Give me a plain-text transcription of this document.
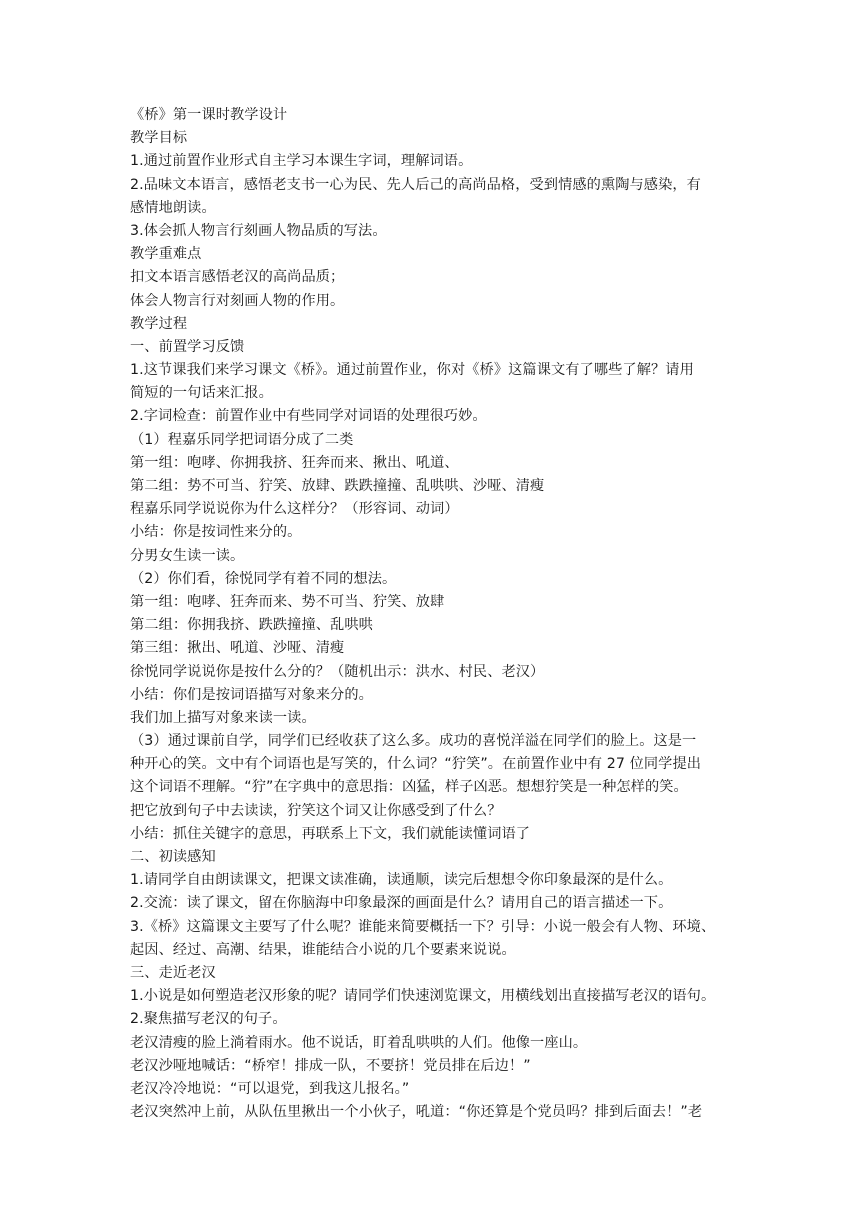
《桥》第一课时教学设计
教学目标
1.通过前置作业形式自主学习本课生字词，理解词语。
2.品味文本语言，感悟老支书一心为民、先人后己的高尚品格，受到情感的熏陶与感染，有
感情地朗读。
3.体会抓人物言行刻画人物品质的写法。
教学重难点
扣文本语言感悟老汉的高尚品质；
体会人物言行对刻画人物的作用。
教学过程
一、前置学习反馈
1.这节课我们来学习课文《桥》。通过前置作业，你对《桥》这篇课文有了哪些了解？请用
简短的一句话来汇报。
2.字词检查：前置作业中有些同学对词语的处理很巧妙。
（1）程嘉乐同学把词语分成了二类
第一组：咆哮、你拥我挤、狂奔而来、揪出、吼道、
第二组：势不可当、狞笑、放肆、跌跌撞撞、乱哄哄、沙哑、清瘦
程嘉乐同学说说你为什么这样分？（形容词、动词）
小结：你是按词性来分的。
分男女生读一读。
（2）你们看，徐悦同学有着不同的想法。
第一组：咆哮、狂奔而来、势不可当、狞笑、放肆
第二组：你拥我挤、跌跌撞撞、乱哄哄
第三组：揪出、吼道、沙哑、清瘦
徐悦同学说说你是按什么分的？（随机出示：洪水、村民、老汉）
小结：你们是按词语描写对象来分的。
我们加上描写对象来读一读。
（3）通过课前自学，同学们已经收获了这么多。成功的喜悦洋溢在同学们的脸上。这是一
种开心的笑。文中有个词语也是写笑的，什么词？“狞笑”。在前置作业中有 27 位同学提出
这个词语不理解。“狞”在字典中的意思指：凶猛，样子凶恶。想想狞笑是一种怎样的笑。
把它放到句子中去读读，狞笑这个词又让你感受到了什么？
小结：抓住关键字的意思，再联系上下文，我们就能读懂词语了
二、初读感知
1.请同学自由朗读课文，把课文读准确，读通顺，读完后想想令你印象最深的是什么。
2.交流：读了课文，留在你脑海中印象最深的画面是什么？请用自己的语言描述一下。
3.《桥》这篇课文主要写了什么呢？谁能来简要概括一下？引导：小说一般会有人物、环境、
起因、经过、高潮、结果，谁能结合小说的几个要素来说说。
三、走近老汉
1.小说是如何塑造老汉形象的呢？请同学们快速浏览课文，用横线划出直接描写老汉的语句。
2.聚焦描写老汉的句子。
老汉清瘦的脸上淌着雨水。他不说话，盯着乱哄哄的人们。他像一座山。
老汉沙哑地喊话：“桥窄！排成一队，不要挤！党员排在后边！”
老汉冷冷地说：“可以退党，到我这儿报名。”
老汉突然冲上前，从队伍里揪出一个小伙子，吼道：“你还算是个党员吗？排到后面去！”老
